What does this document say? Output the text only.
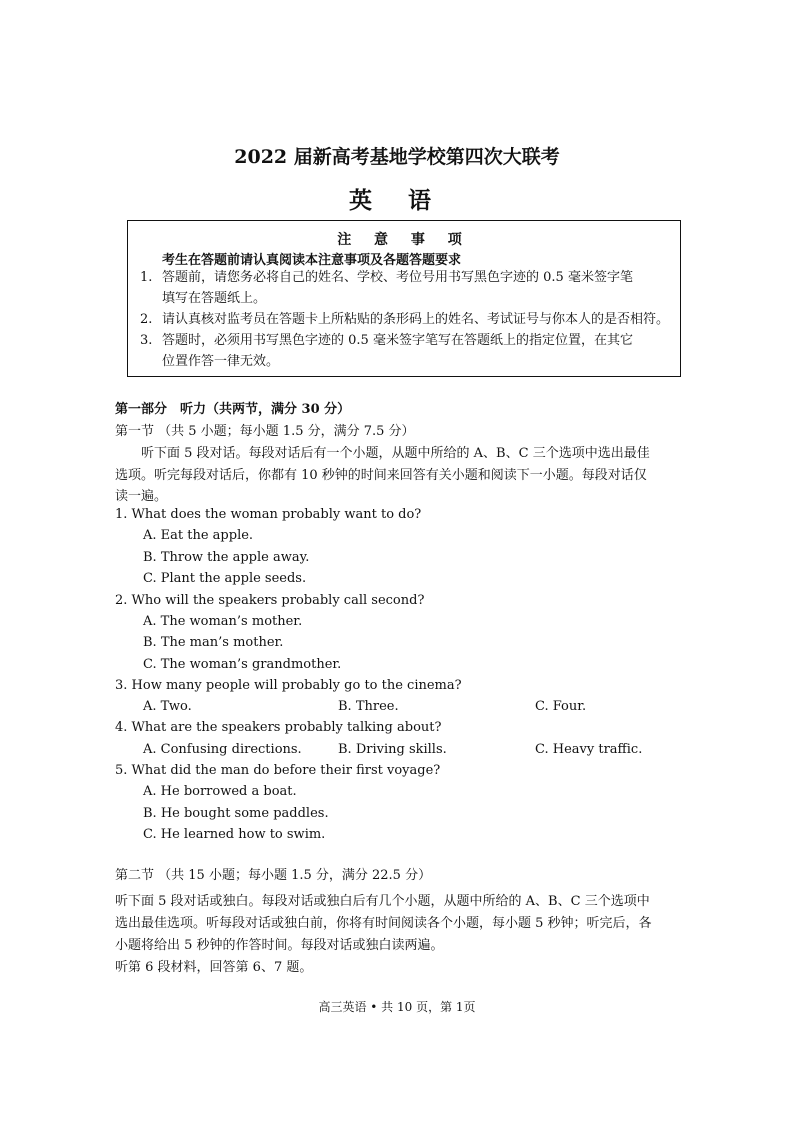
2022 届新高考基地学校第四次大联考
英 语
注 意 事 项
考生在答题前请认真阅读本注意事项及各题答题要求
1. 答题前，请您务必将自己的姓名、学校、考位号用书写黑色字迹的 0.5 毫米签字笔
填写在答题纸上。
2. 请认真核对监考员在答题卡上所粘贴的条形码上的姓名、考试证号与你本人的是否相符。
3. 答题时，必须用书写黑色字迹的 0.5 毫米签字笔写在答题纸上的指定位置，在其它
位置作答一律无效。
第一部分　听力（共两节，满分 30 分）
第一节 （共 5 小题；每小题 1.5 分，满分 7.5 分）
　　听下面 5 段对话。每段对话后有一个小题，从题中所给的 A、B、C 三个选项中选出最佳
选项。听完每段对话后，你都有 10 秒钟的时间来回答有关小题和阅读下一小题。每段对话仅
读一遍。
1. What does the woman probably want to do?
A. Eat the apple.
B. Throw the apple away.
C. Plant the apple seeds.
2. Who will the speakers probably call second?
A. The woman’s mother.
B. The man’s mother.
C. The woman’s grandmother.
3. How many people will probably go to the cinema?
A. Two.	B. Three.	C. Four.
4. What are the speakers probably talking about?
A. Confusing directions.	B. Driving skills.	C. Heavy traffic.
5. What did the man do before their first voyage?
A. He borrowed a boat.
B. He bought some paddles.
C. He learned how to swim.
第二节 （共 15 小题；每小题 1.5 分，满分 22.5 分）
听下面 5 段对话或独白。每段对话或独白后有几个小题，从题中所给的 A、B、C 三个选项中
选出最佳选项。听每段对话或独白前，你将有时间阅读各个小题，每小题 5 秒钟；听完后，各
小题将给出 5 秒钟的作答时间。每段对话或独白读两遍。
听第 6 段材料，回答第 6、7 题。
高三英语 • 共 10 页，第 1页
